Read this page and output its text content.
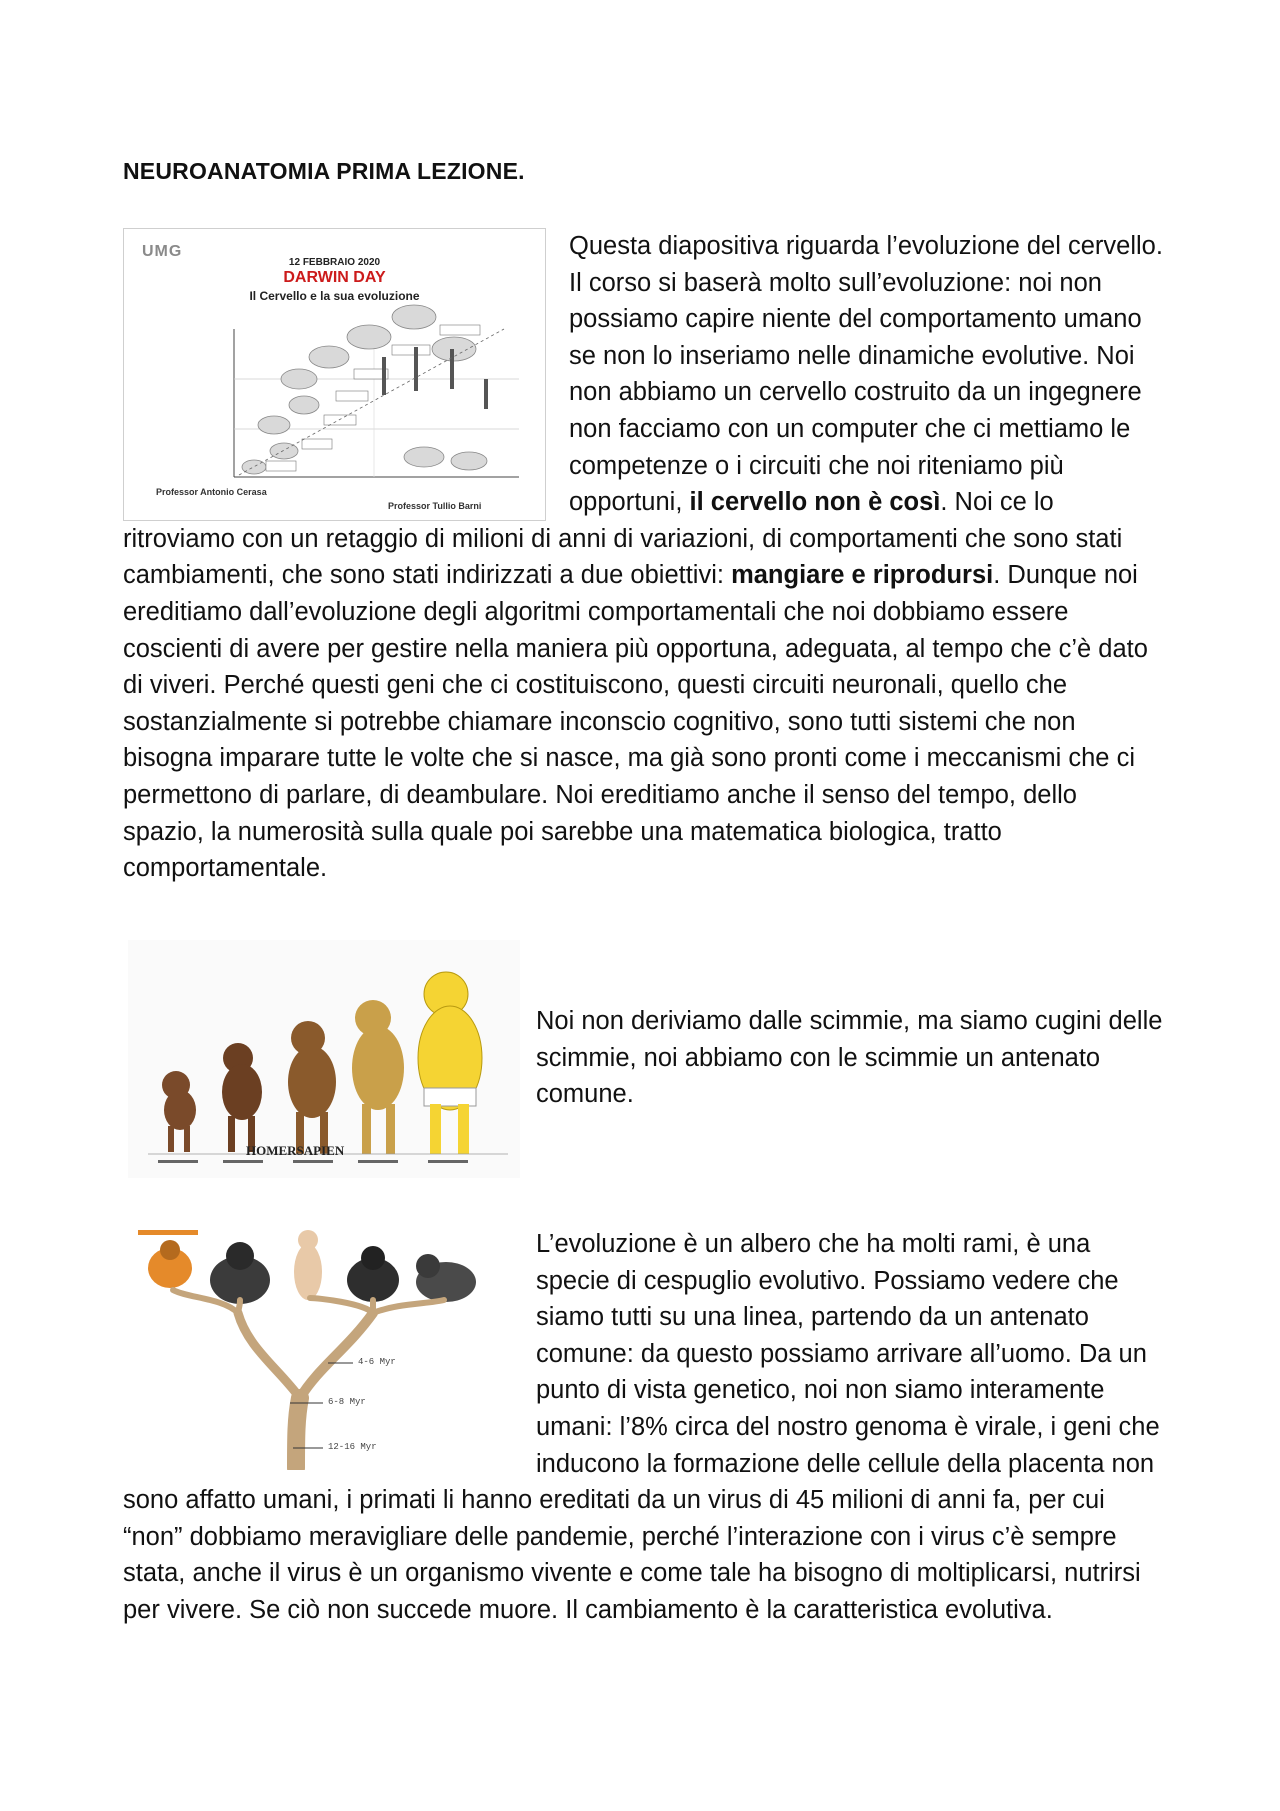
NEUROANATOMIA PRIMA LEZIONE.

Questa diapositiva riguarda l’evoluzione del cervello. Il corso si baserà molto sull’evoluzione: noi non possiamo capire niente del comportamento umano se non lo inseriamo nelle dinamiche evolutive. Noi non abbiamo un cervello costruito da un ingegnere non facciamo con un computer che ci mettiamo le competenze o i circuiti che noi riteniamo più opportuni, il cervello non è così. Noi ce lo ritroviamo con un retaggio di milioni di anni di variazioni, di comportamenti che sono stati cambiamenti, che sono stati indirizzati a due obiettivi: mangiare e riprodursi. Dunque noi ereditiamo dall’evoluzione degli algoritmi comportamentali che noi dobbiamo essere coscienti di avere per gestire nella maniera più opportuna, adeguata, al tempo che c’è dato di viveri. Perché questi geni che ci costituiscono, questi circuiti neuronali, quello che sostanzialmente si potrebbe chiamare inconscio cognitivo, sono tutti sistemi che non bisogna imparare tutte le volte che si nasce, ma già sono pronti come i meccanismi che ci permettono di parlare, di deambulare. Noi ereditiamo anche il senso del tempo, dello spazio, la numerosità sulla quale poi sarebbe una matematica biologica, tratto comportamentale.

UMG
12 FEBBRAIO 2020
DARWIN DAY
Il Cervello e la sua evoluzione
Professor Antonio Cerasa
Professor Tullio Barni
HOMERSAPIEN

Noi non deriviamo dalle scimmie, ma siamo cugini delle scimmie, noi abbiamo con le scimmie un antenato comune.

L’evoluzione è un albero che ha molti rami, è una specie di cespuglio evolutivo. Possiamo vedere che siamo tutti su una linea, partendo da un antenato comune: da questo possiamo arrivare all’uomo. Da un punto di vista genetico, noi non siamo interamente umani: l’8% circa del nostro genoma è virale, i geni che inducono la formazione delle cellule della placenta non sono affatto umani, i primati li hanno ereditati da un virus di 45 milioni di anni fa, per cui “non” dobbiamo meravigliare delle pandemie, perché l’interazione con i virus c’è sempre stata, anche il virus è un organismo vivente e come tale ha bisogno di moltiplicarsi, nutrirsi per vivere. Se ciò non succede muore. Il cambiamento è la caratteristica evolutiva.

4-6 Myr
6-8 Myr
12-16 Myr
